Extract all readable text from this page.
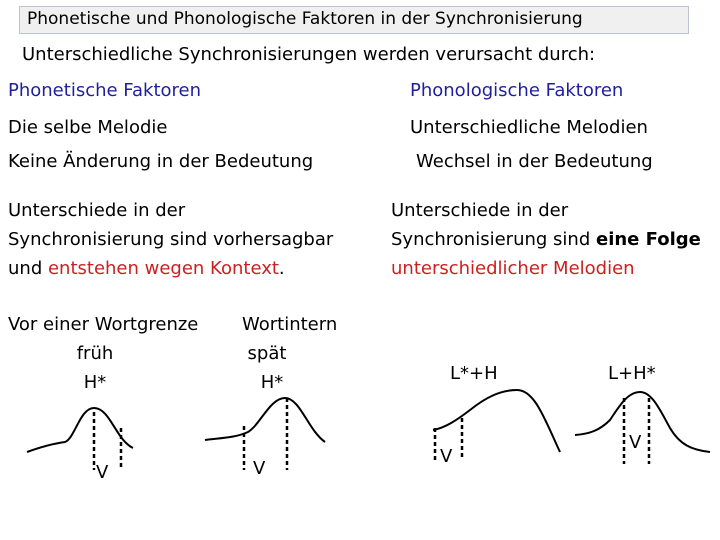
Phonetische und Phonologische Faktoren in der Synchronisierung
Unterschiedliche Synchronisierungen werden verursacht durch:
Phonetische Faktoren
Die selbe Melodie
Keine Änderung in der Bedeutung
Phonologische Faktoren
Unterschiedliche Melodien
Wechsel in der Bedeutung
Unterschiede in der
Synchronisierung sind vorhersagbar
und entstehen wegen Kontext.
Unterschiede in der
Synchronisierung sind eine Folge
unterschiedlicher Melodien
Vor einer Wortgrenze
früh
H*
V
Wortintern
spät
H*
V
L*+H
V
L+H*
V
